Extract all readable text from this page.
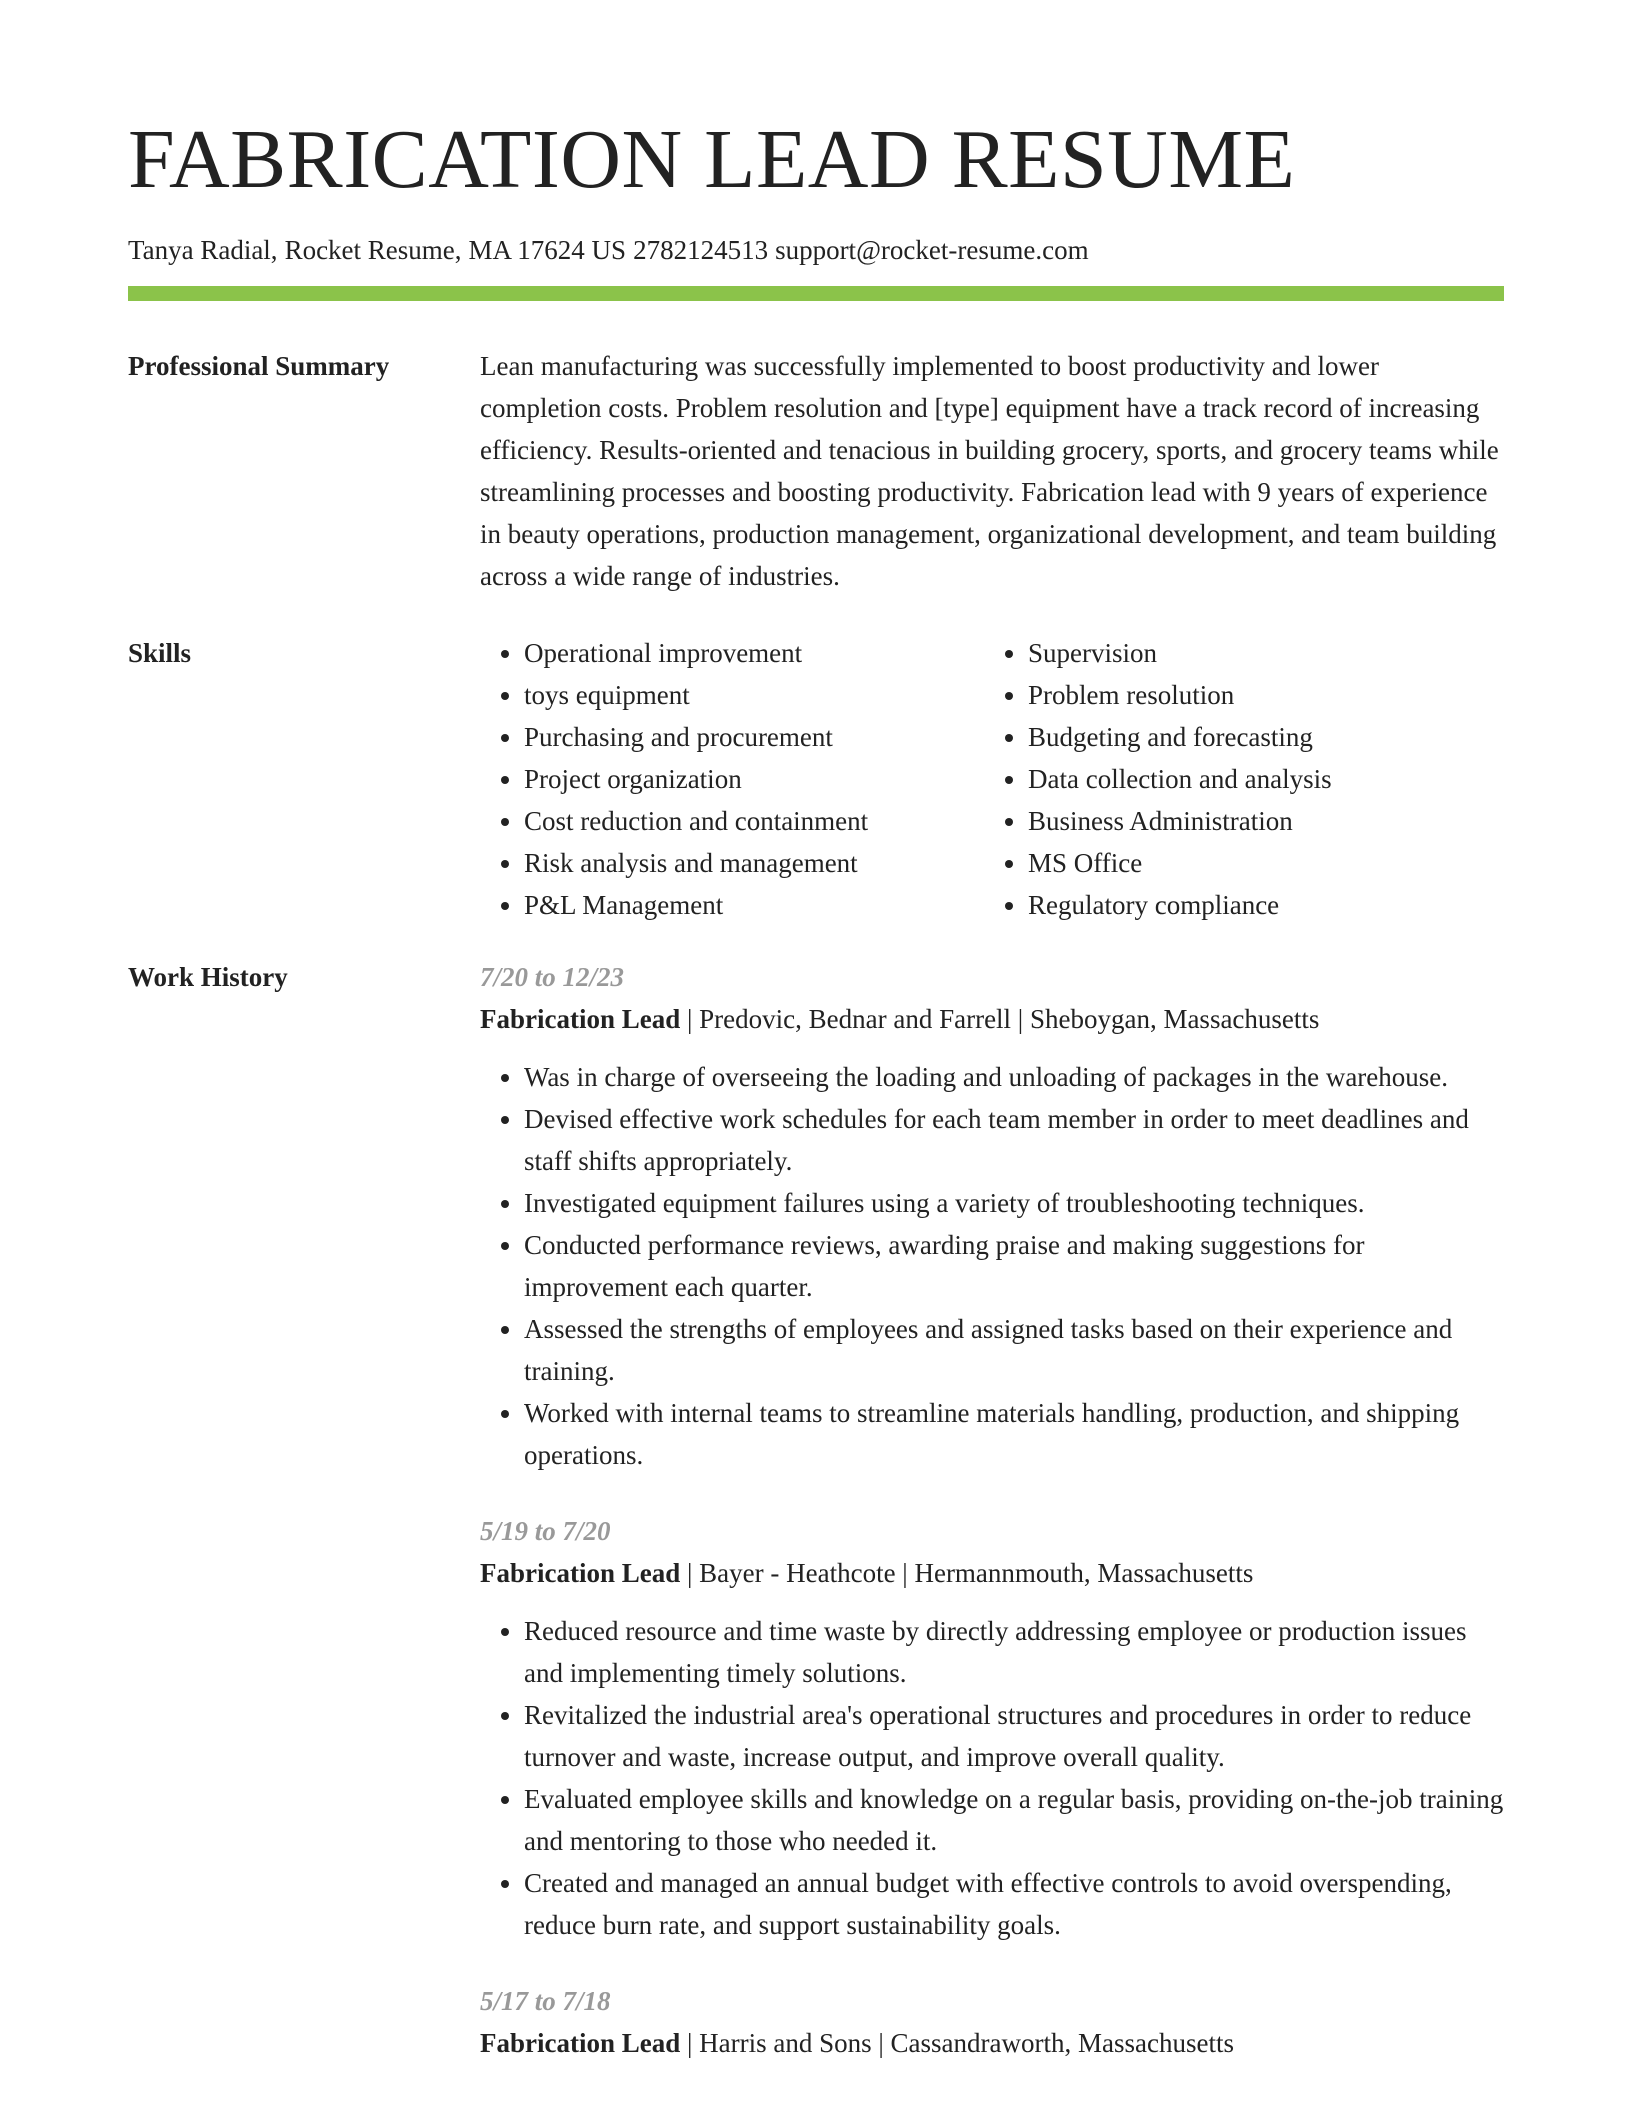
FABRICATION LEAD RESUME
Tanya Radial, Rocket Resume, MA 17624 US 2782124513 support@rocket-resume.com
Professional Summary	Lean manufacturing was successfully implemented to boost productivity and lower completion costs. Problem resolution and [type] equipment have a track record of increasing efficiency. Results-oriented and tenacious in building grocery, sports, and grocery teams while streamlining processes and boosting productivity. Fabrication lead with 9 years of experience in beauty operations, production management, organizational development, and team building across a wide range of industries.

Skills
•	Operational improvement
• toys equipment
• Purchasing and procurement
• Project organization
• Cost reduction and containment
• Risk analysis and management
• P&L Management
• Supervision
• Problem resolution
• Budgeting and forecasting
• Data collection and analysis
• Business Administration
• MS Office
• Regulatory compliance
Work History	7/20 to 12/23
Fabrication Lead | Predovic, Bednar and Farrell | Sheboygan, Massachusetts
• Was in charge of overseeing the loading and unloading of packages in the warehouse.
• Devised effective work schedules for each team member in order to meet deadlines and staff shifts appropriately.
• Investigated equipment failures using a variety of troubleshooting techniques.
• Conducted performance reviews, awarding praise and making suggestions for improvement each quarter.
• Assessed the strengths of employees and assigned tasks based on their experience and training.
• Worked with internal teams to streamline materials handling, production, and shipping operations.
5/19 to 7/20
Fabrication Lead | Bayer - Heathcote | Hermannmouth, Massachusetts
• Reduced resource and time waste by directly addressing employee or production issues and implementing timely solutions.
• Revitalized the industrial area's operational structures and procedures in order to reduce turnover and waste, increase output, and improve overall quality.
• Evaluated employee skills and knowledge on a regular basis, providing on-the-job training and mentoring to those who needed it.
• Created and managed an annual budget with effective controls to avoid overspending, reduce burn rate, and support sustainability goals.
5/17 to 7/18
Fabrication Lead | Harris and Sons | Cassandraworth, Massachusetts
